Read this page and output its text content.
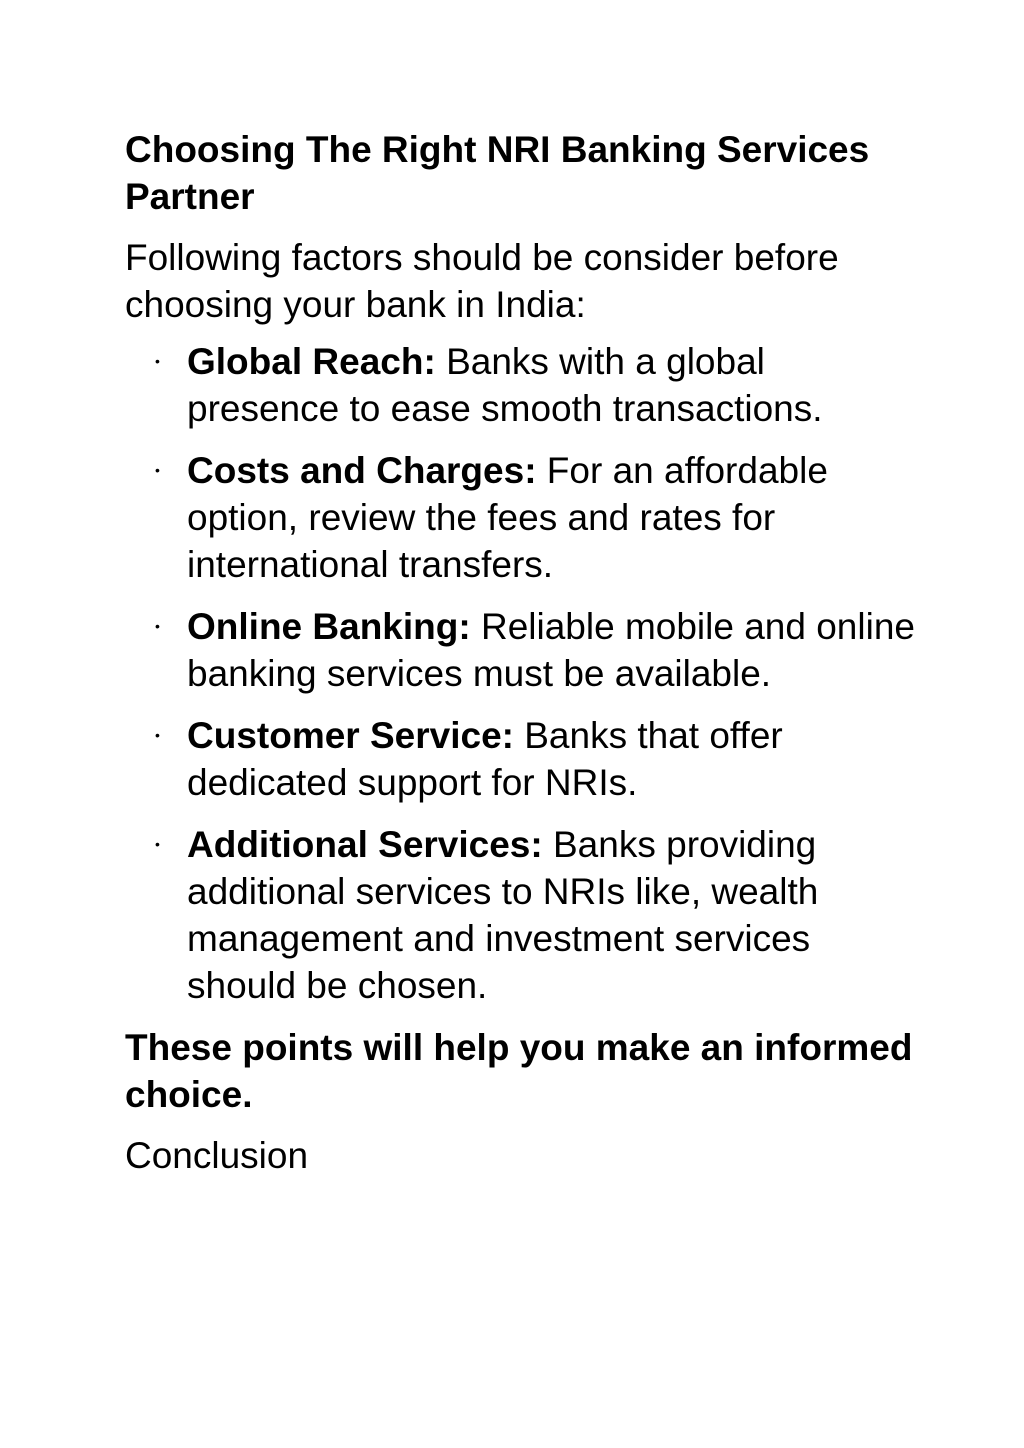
Choosing The Right NRI Banking Services Partner

Following factors should be consider before choosing your bank in India:

• Global Reach: Banks with a global presence to ease smooth transactions.
• Costs and Charges: For an affordable option, review the fees and rates for international transfers.
• Online Banking: Reliable mobile and online banking services must be available.
• Customer Service: Banks that offer dedicated support for NRIs.
• Additional Services: Banks providing additional services to NRIs like, wealth management and investment services should be chosen.

These points will help you make an informed choice.

Conclusion
